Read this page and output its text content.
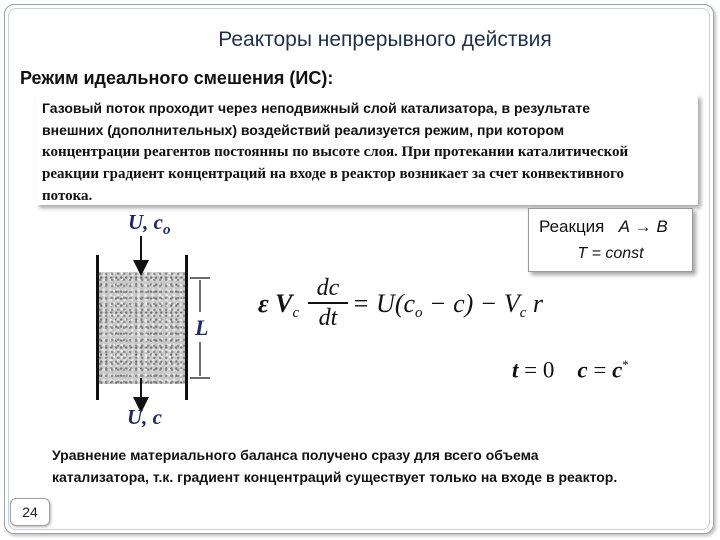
Реакторы непрерывного действия
Режим идеального смешения (ИС):
Газовый поток проходит через неподвижный слой катализатора, в результате
внешних (дополнительных) воздействий реализуется режим, при котором
концентрации реагентов постоянны по высоте слоя. При протекании каталитической
реакции градиент концентраций на входе в реактор возникает за счет конвективного
потока.
Реакция A → B
T = const
U, $c_o$
L
U, c
ε $V_c$
dc
dt = $U(c_o - c) - V_c$ r
t = 0 c = c*
Уравнение материального баланса получено сразу для всего объема
катализатора, т.к. градиент концентраций существует только на входе в реактор.
24
